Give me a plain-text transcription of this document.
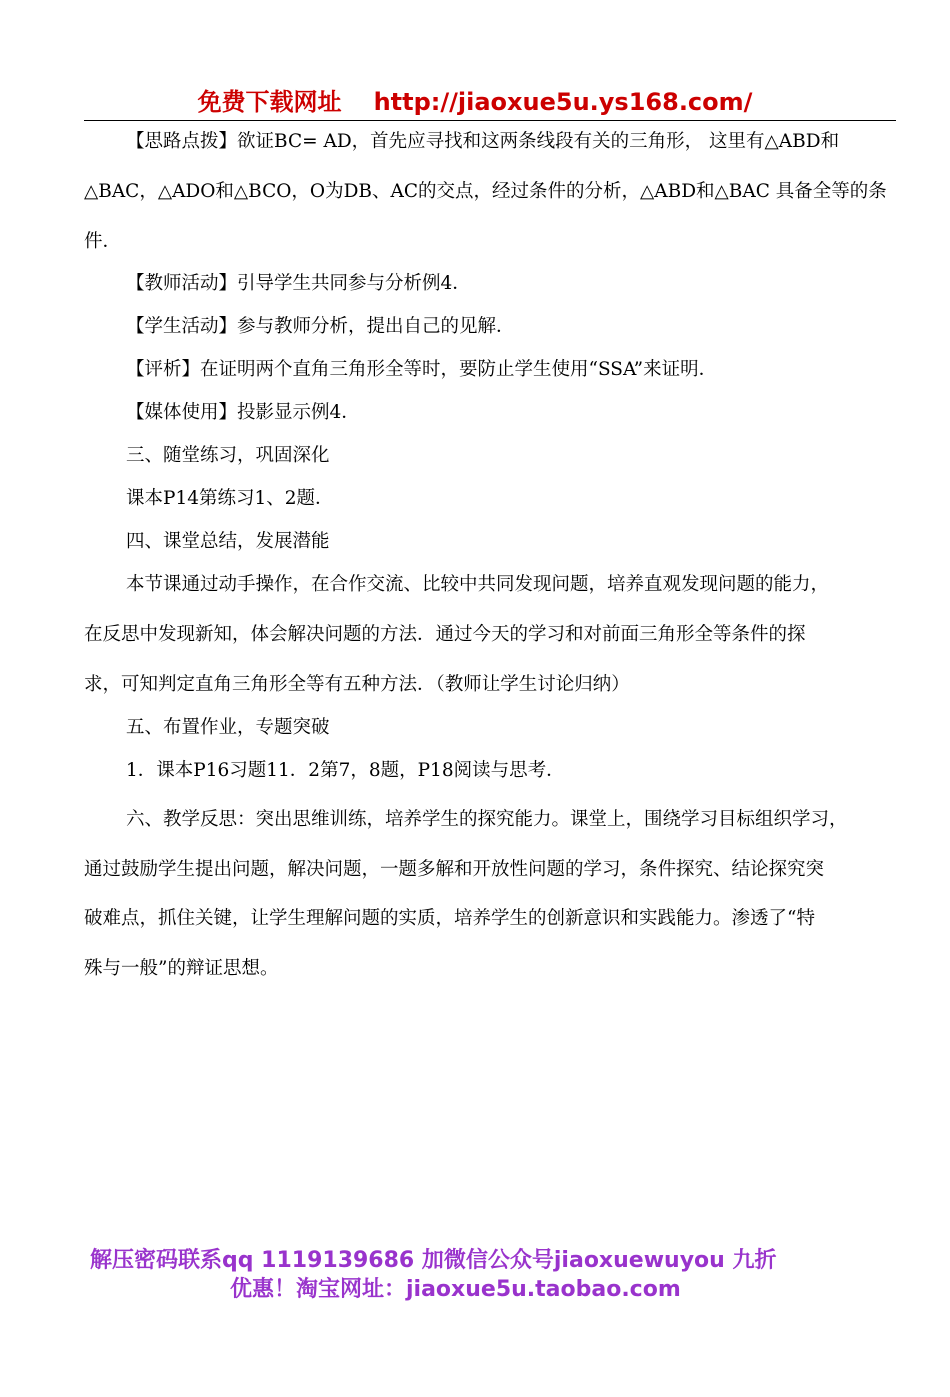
免费下载网址 http://jiaoxue5u.ys168.com/
【思路点拨】欲证BC= AD，首先应寻找和这两条线段有关的三角形， 这里有△ABD和
△BAC，△ADO和△BCO，O为DB、AC的交点，经过条件的分析，△ABD和△BAC 具备全等的条
件．
【教师活动】引导学生共同参与分析例4．
【学生活动】参与教师分析，提出自己的见解．
【评析】在证明两个直角三角形全等时，要防止学生使用“SSA”来证明．
【媒体使用】投影显示例4．
三、随堂练习，巩固深化
课本P14第练习1、2题．
四、课堂总结，发展潜能
本节课通过动手操作，在合作交流、比较中共同发现问题，培养直观发现问题的能力，
在反思中发现新知，体会解决问题的方法．通过今天的学习和对前面三角形全等条件的探
求，可知判定直角三角形全等有五种方法．（教师让学生讨论归纳）
五、布置作业，专题突破
1．课本P16习题11．2第7，8题，P18阅读与思考．
六、教学反思：突出思维训练，培养学生的探究能力。课堂上，围绕学习目标组织学习，
通过鼓励学生提出问题，解决问题，一题多解和开放性问题的学习，条件探究、结论探究突
破难点，抓住关键，让学生理解问题的实质，培养学生的创新意识和实践能力。渗透了“特
殊与一般”的辩证思想。
解压密码联系qq 1119139686 加微信公众号jiaoxuewuyou 九折
优惠！淘宝网址：jiaoxue5u.taobao.com
